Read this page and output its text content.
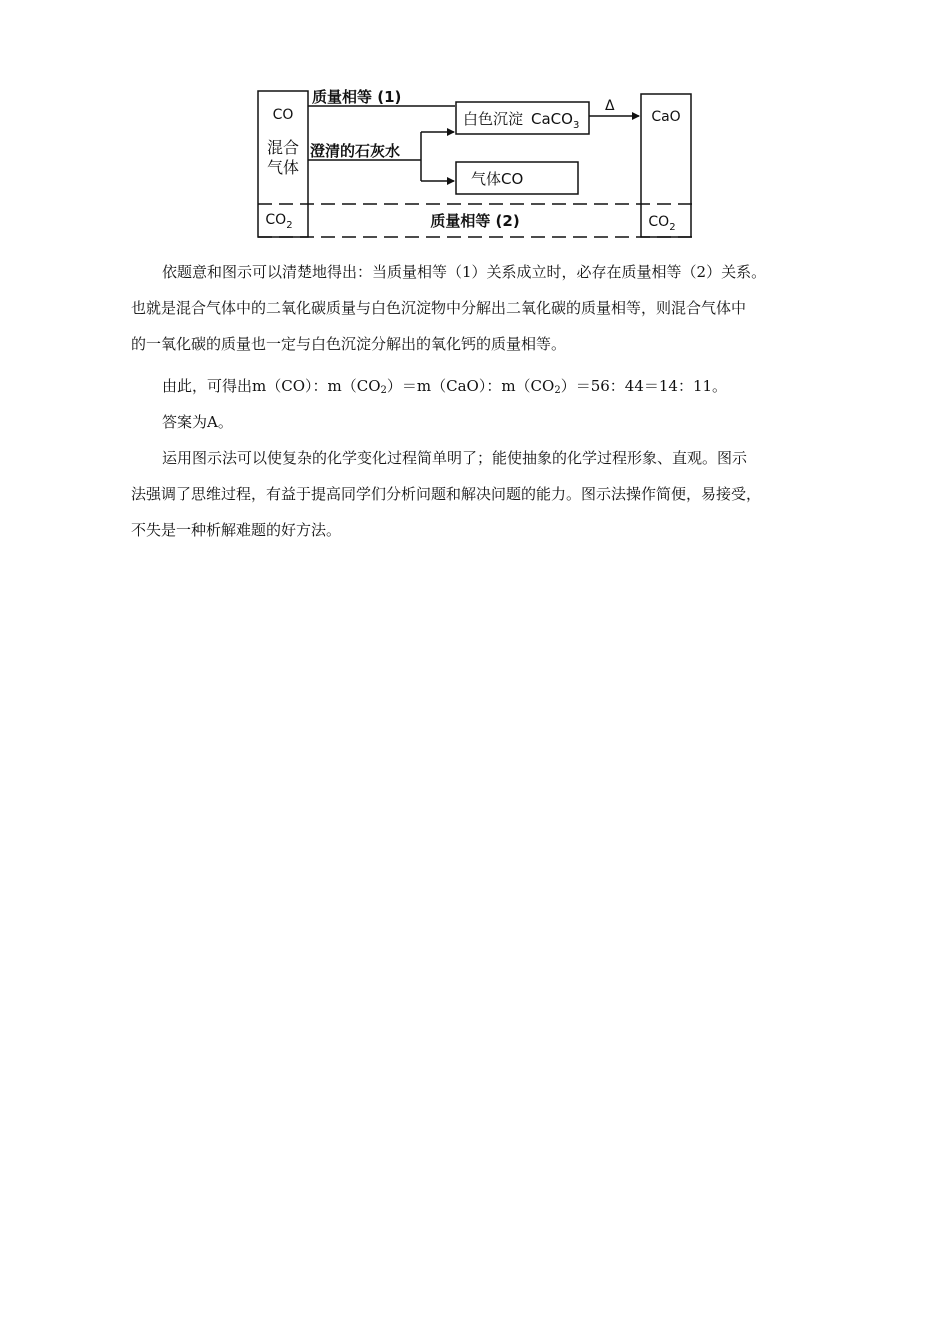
CO
混合
气体
$CO_2$
CaO
$CO_2$
质量相等 (1)
澄清的石灰水
白色沉淀 CaCO$_3$
气体CO
Δ
质量相等 (2)
依题意和图示可以清楚地得出：当质量相等（1）关系成立时，必存在质量相等（2）关系。
也就是混合气体中的二氧化碳质量与白色沉淀物中分解出二氧化碳的质量相等，则混合气体中
的一氧化碳的质量也一定与白色沉淀分解出的氧化钙的质量相等。
由此，可得出m（CO）：$m(CO_2)=m(CaO)$：$m(CO_2)=56$：44＝14：11。
答案为A。
运用图示法可以使复杂的化学变化过程简单明了；能使抽象的化学过程形象、直观。图示
法强调了思维过程，有益于提高同学们分析问题和解决问题的能力。图示法操作简便，易接受，
不失是一种析解难题的好方法。
